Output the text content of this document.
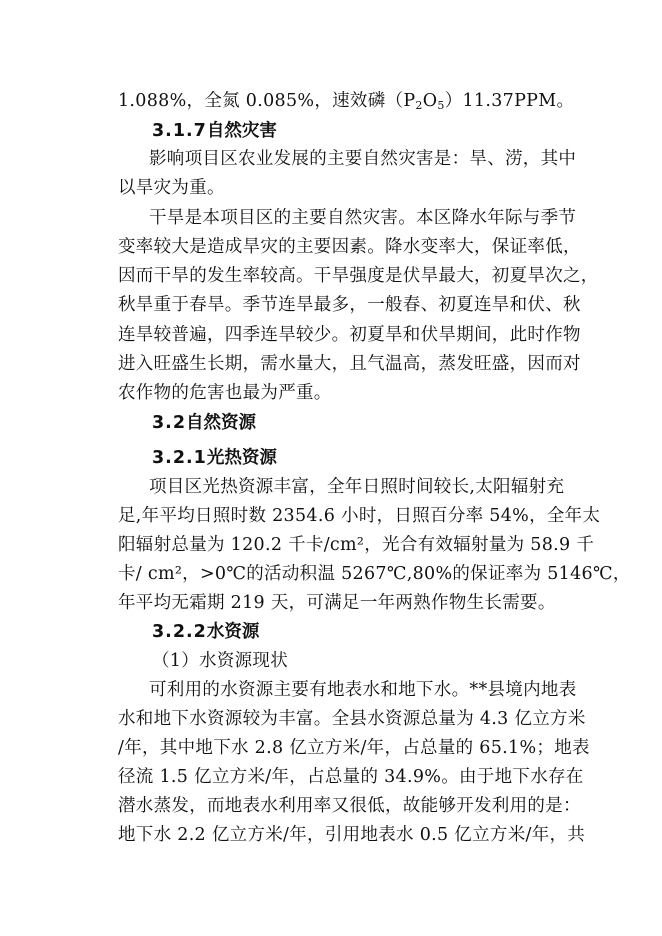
1.088%，全氮 0.085%，速效磷$(P_2O_5)11.37PPM$。
3.1.7自然灾害
影响项目区农业发展的主要自然灾害是：旱、涝，其中
以旱灾为重。
干旱是本项目区的主要自然灾害。本区降水年际与季节
变率较大是造成旱灾的主要因素。降水变率大，保证率低，
因而干旱的发生率较高。干旱强度是伏旱最大，初夏旱次之，
秋旱重于春旱。季节连旱最多，一般春、初夏连旱和伏、秋
连旱较普遍，四季连旱较少。初夏旱和伏旱期间，此时作物
进入旺盛生长期，需水量大，且气温高，蒸发旺盛，因而对
农作物的危害也最为严重。
3.2自然资源
3.2.1光热资源
项目区光热资源丰富，全年日照时间较长,太阳辐射充
足,年平均日照时数 2354.6 小时，日照百分率 54%，全年太
阳辐射总量为 120.2 千卡/cm²，光合有效辐射量为 58.9 千
卡/ cm²，>0℃的活动积温 5267℃,80%的保证率为 5146℃，
年平均无霜期 219 天，可满足一年两熟作物生长需要。
3.2.2水资源
（1）水资源现状
可利用的水资源主要有地表水和地下水。**县境内地表
水和地下水资源较为丰富。全县水资源总量为 4.3 亿立方米
/年，其中地下水 2.8 亿立方米/年，占总量的 65.1%；地表
径流 1.5 亿立方米/年，占总量的 34.9%。由于地下水存在
潜水蒸发，而地表水利用率又很低，故能够开发利用的是：
地下水 2.2 亿立方米/年，引用地表水 0.5 亿立方米/年，共
